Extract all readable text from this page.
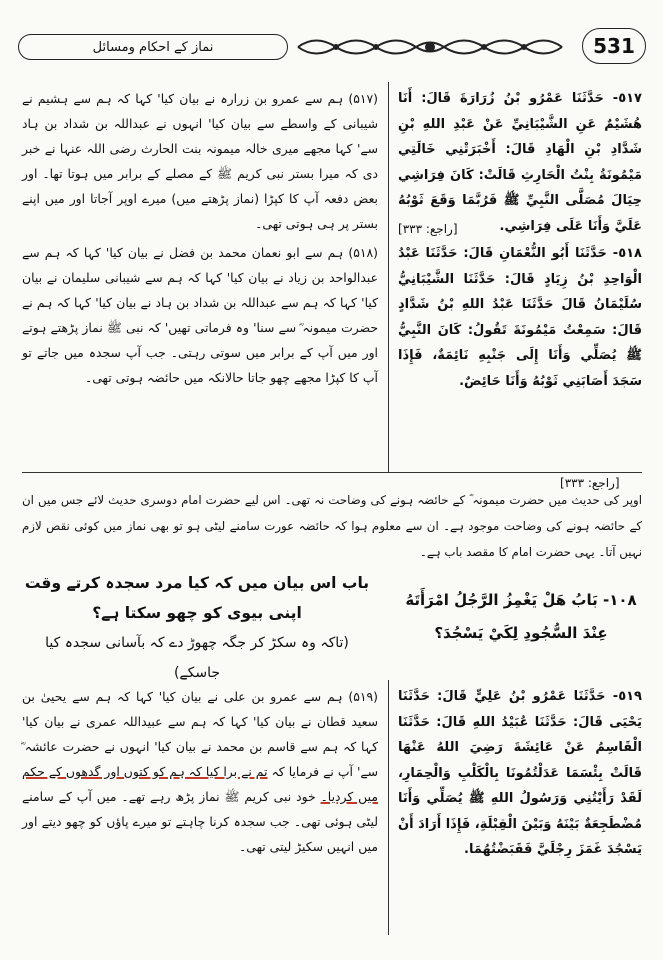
نماز کے احکام ومسائل	531

٥١٧- حَدَّثَنَا عَمْرُو بْنُ زُرَارَةَ قَالَ: أَنَا هُشَيْمٌ عَنِ الشَّيْبَانِيِّ عَنْ عَبْدِ اللهِ بْنِ شَدَّادِ بْنِ الْهَادِ قَالَ: أَخْبَرَتْنِي خَالَتِي مَيْمُونَةُ بِنْتُ الْحَارِثِ قَالَتْ: كَانَ فِرَاشِي حِيَالَ مُصَلَّى النَّبِيِّ ﷺ فَرُبَّمَا وَقَعَ ثَوْبُهُ عَلَيَّ وَأَنَا عَلَى فِرَاشِي.

[راجع: ٣٣٣]

٥١٨- حَدَّثَنَا أَبُو النُّعْمَانِ قَالَ: حَدَّثَنَا عَبْدُ الْوَاحِدِ بْنُ زِيَادٍ قَالَ: حَدَّثَنَا الشَّيْبَانِيُّ سُلَيْمَانُ قَالَ حَدَّثَنَا عَبْدُ اللهِ بْنُ شَدَّادٍ قَالَ: سَمِعْتُ مَيْمُونَةَ تَقُولُ: كَانَ النَّبِيُّ ﷺ يُصَلِّي وَأَنَا إِلَى جَنْبِهِ نَائِمَةٌ، فَإِذَا سَجَدَ أَصَابَنِي ثَوْبُهُ وَأَنَا حَائِضٌ.

(۵۱۷) ہم سے عمرو بن زرارہ نے بیان کیا' کہا کہ ہم سے ہشیم نے شیبانی کے واسطے سے بیان کیا' انہوں نے عبداللہ بن شداد بن ہاد سے' کہا مجھے میری خالہ میمونہ بنت الحارث رضی اللہ عنہا نے خبر دی کہ میرا بستر نبی کریم ﷺ کے مصلے کے برابر میں ہوتا تھا۔ اور بعض دفعہ آپ کا کپڑا (نماز پڑھتے میں) میرے اوپر آجاتا اور میں اپنے بستر پر ہی ہوتی تھی۔

(۵۱۸) ہم سے ابو نعمان محمد بن فضل نے بیان کیا' کہا کہ ہم سے عبدالواحد بن زیاد نے بیان کیا' کہا کہ ہم سے شیبانی سلیمان نے بیان کیا' کہا کہ ہم سے عبداللہ بن شداد بن ہاد نے بیان کیا' کہا کہ ہم نے حضرت میمونہ ؓ سے سنا' وہ فرماتی تھیں' کہ نبی ﷺ نماز پڑھتے ہوتے اور میں آپ کے برابر میں سوتی رہتی۔ جب آپ سجدہ میں جاتے تو آپ کا کپڑا مجھے چھو جاتا حالانکہ میں حائضہ ہوتی تھی۔

[راجع: ٣٣٣]
اوپر کی حدیث میں حضرت میمونہ ؓ کے حائضہ ہونے کی وضاحت نہ تھی۔ اس لیے حضرت امام دوسری حدیث لائے جس میں ان کے حائضہ ہونے کی وضاحت موجود ہے۔ ان سے معلوم ہوا کہ حائضہ عورت سامنے لیٹی ہو تو بھی نماز میں کوئی نقص لازم نہیں آتا۔ یہی حضرت امام کا مقصد باب ہے۔
١٠٨- بَابُ هَلْ يَغْمِزُ الرَّجُلُ امْرَأَتَهُ عِنْدَ السُّجُودِ لِكَيْ يَسْجُدَ؟
باب اس بیان میں کہ کیا مرد سجدہ کرتے وقت اپنی بیوی کو چھو سکتا ہے؟
(تاکہ وہ سکڑ کر جگہ چھوڑ دے کہ بآسانی سجدہ کیا جاسکے)

٥١٩- حَدَّثَنَا عَمْرُو بْنُ عَلِيٍّ قَالَ: حَدَّثَنَا يَحْيَى قَالَ: حَدَّثَنَا عُبَيْدُ اللهِ قَالَ: حَدَّثَنَا الْقَاسِمُ عَنْ عَائِشَةَ رَضِيَ اللهُ عَنْهَا قَالَتْ بِئْسَمَا عَدَلْتُمُونَا بِالْكَلْبِ وَالْحِمَارِ، لَقَدْ رَأَيْتُنِي وَرَسُولُ اللهِ ﷺ يُصَلِّي وَأَنَا مُضْطَجِعَةٌ بَيْنَهُ وَبَيْنَ الْقِبْلَةِ، فَإِذَا أَرَادَ أَنْ يَسْجُدَ غَمَزَ رِجْلَيَّ فَقَبَضْتُهُمَا.

(۵۱۹) ہم سے عمرو بن علی نے بیان کیا' کہا کہ ہم سے یحییٰ بن سعید قطان نے بیان کیا' کہا کہ ہم سے عبیداللہ عمری نے بیان کیا' کہا کہ ہم سے قاسم بن محمد نے بیان کیا' انہوں نے حضرت عائشہ ؓ سے' آپ نے فرمایا کہ تم نے برا کیا کہ ہم کو کتوں اور گدھوں کے حکم میں کردیا۔ خود نبی کریم ﷺ نماز پڑھ رہے تھے۔ میں آپ کے سامنے لیٹی ہوئی تھی۔ جب سجدہ کرنا چاہتے تو میرے پاؤں کو چھو دیتے اور میں انہیں سکیڑ لیتی تھی۔
